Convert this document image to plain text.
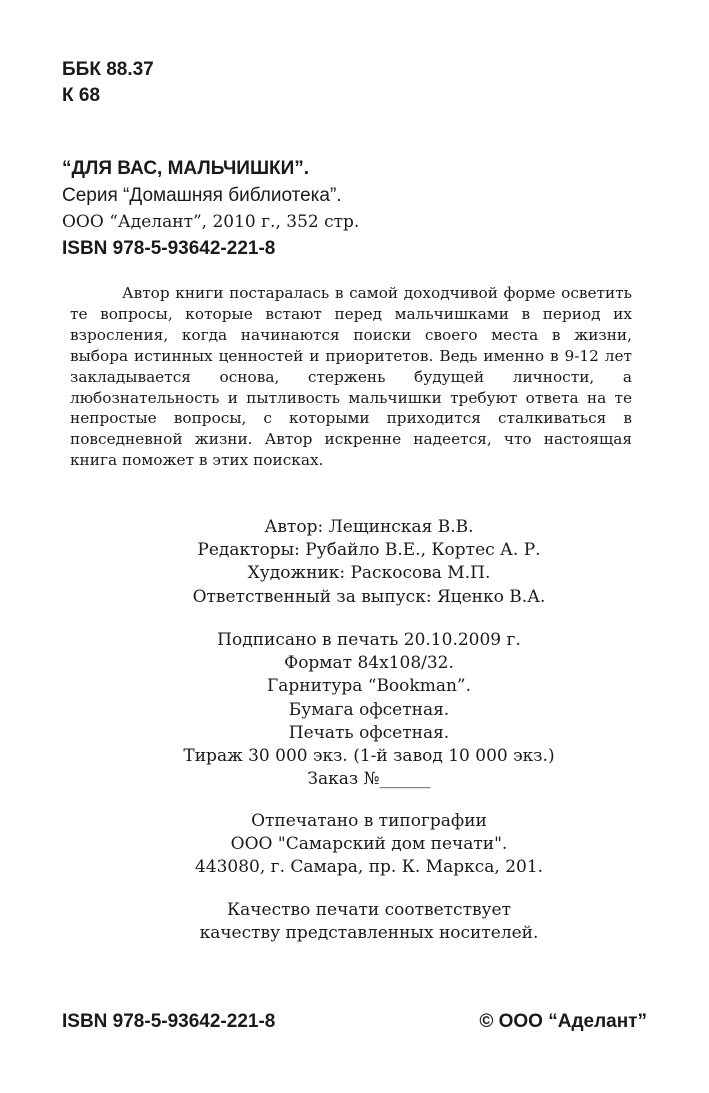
ББК 88.37
К 68
“ДЛЯ ВАС, МАЛЬЧИШКИ”.
Серия “Домашняя библиотека”.
ООО “Аделант”, 2010 г., 352 стр.
ISBN 978-5-93642-221-8
Автор книги постаралась в самой доходчивой форме осветить те вопросы, которые встают перед мальчишками в период их взросления, когда начинаются поиски своего места в жизни, выбора истинных ценностей и приоритетов. Ведь именно в 9-12 лет закладывается основа, стержень будущей личности, а любознательность и пытливость мальчишки требуют ответа на те непростые вопросы, с которыми приходится сталкиваться в повседневной жизни. Автор искренне надеется, что настоящая книга поможет в этих поисках.
Автор: Лещинская В.В.
Редакторы: Рубайло В.Е., Кортес А. Р.
Художник: Раскосова М.П.
Ответственный за выпуск: Яценко В.А.
Подписано в печать 20.10.2009 г.
Формат 84x108/32.
Гарнитура “Bookman”.
Бумага офсетная.
Печать офсетная.
Тираж 30 000 экз. (1-й завод 10 000 экз.)
Заказ №______
Отпечатано в типографии
ООО "Самарский дом печати".
443080, г. Самара, пр. К. Маркса, 201.
Качество печати соответствует
качеству представленных носителей.
ISBN 978-5-93642-221-8	© ООО “Аделант”
